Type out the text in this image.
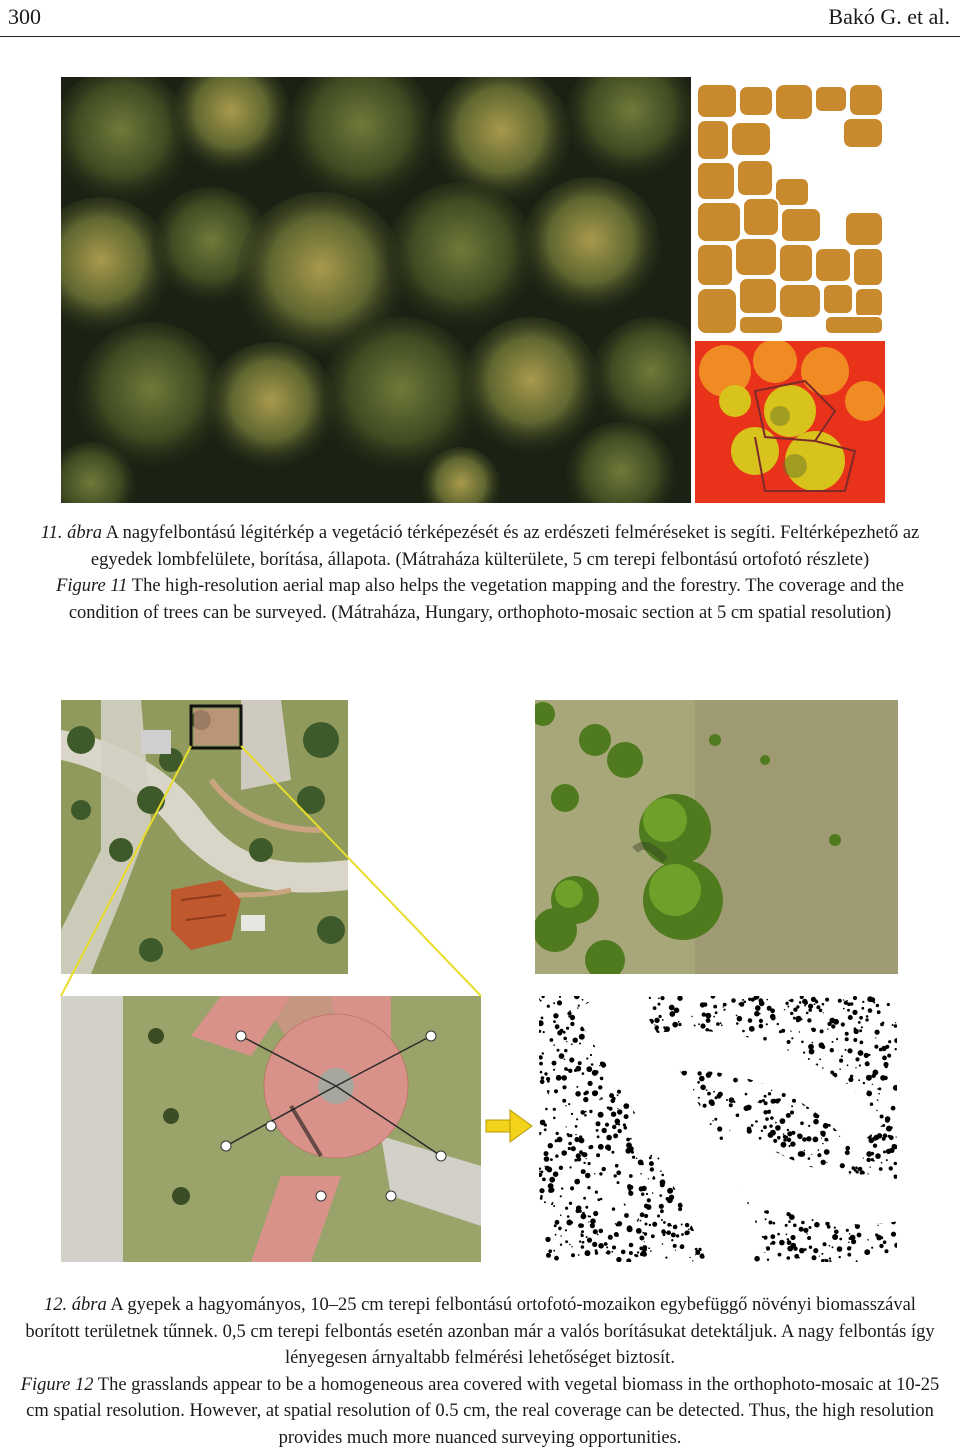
300	Bakó G. et al.

11. ábra A nagyfelbontású légitérkép a vegetáció térképezését és az erdészeti felméréseket is segíti. Feltérképezhető az egyedek lombfelülete, borítása, állapota. (Mátraháza külterülete, 5 cm terepi felbontású ortofotó részlete)

Figure 11 The high-resolution aerial map also helps the vegetation mapping and the forestry. The coverage and the condition of trees can be surveyed. (Mátraháza, Hungary, orthophoto-mosaic section at 5 cm spatial resolution)

12. ábra A gyepek a hagyományos, 10–25 cm terepi felbontású ortofotó-mozaikon egybefüggő növényi biomasszával borított területnek tűnnek. 0,5 cm terepi felbontás esetén azonban már a valós borításukat detektáljuk. A nagy felbontás így lényegesen árnyaltabb felmérési lehetőséget biztosít.

Figure 12 The grasslands appear to be a homogeneous area covered with vegetal biomass in the orthophoto-mosaic at 10-25 cm spatial resolution. However, at spatial resolution of 0.5 cm, the real coverage can be detected. Thus, the high resolution provides much more nuanced surveying opportunities.
